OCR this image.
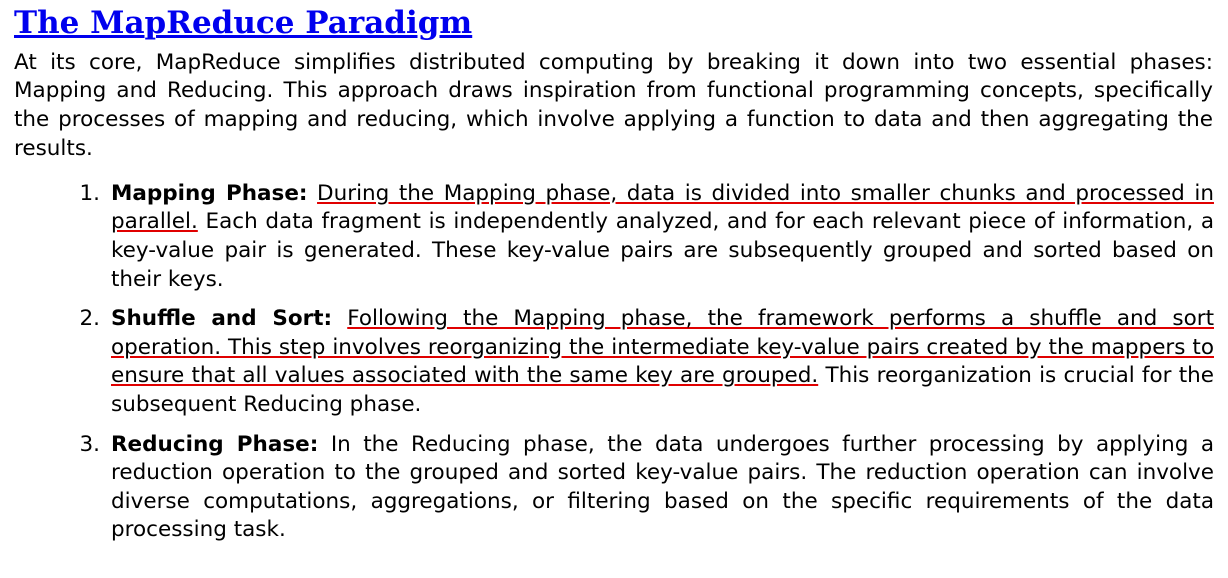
The MapReduce Paradigm

At its core, MapReduce simplifies distributed computing by breaking it down into two essential phases: Mapping and Reducing. This approach draws inspiration from functional programming concepts, specifically the processes of mapping and reducing, which involve applying a function to data and then aggregating the results.

Mapping Phase: During the Mapping phase, data is divided into smaller chunks and processed in parallel. Each data fragment is independently analyzed, and for each relevant piece of information, a key-value pair is generated. These key-value pairs are subsequently grouped and sorted based on their keys.
Shuffle and Sort: Following the Mapping phase, the framework performs a shuffle and sort operation. This step involves reorganizing the intermediate key-value pairs created by the mappers to ensure that all values associated with the same key are grouped. This reorganization is crucial for the subsequent Reducing phase.
Reducing Phase: In the Reducing phase, the data undergoes further processing by applying a reduction operation to the grouped and sorted key-value pairs. The reduction operation can involve diverse computations, aggregations, or filtering based on the specific requirements of the data processing task.
